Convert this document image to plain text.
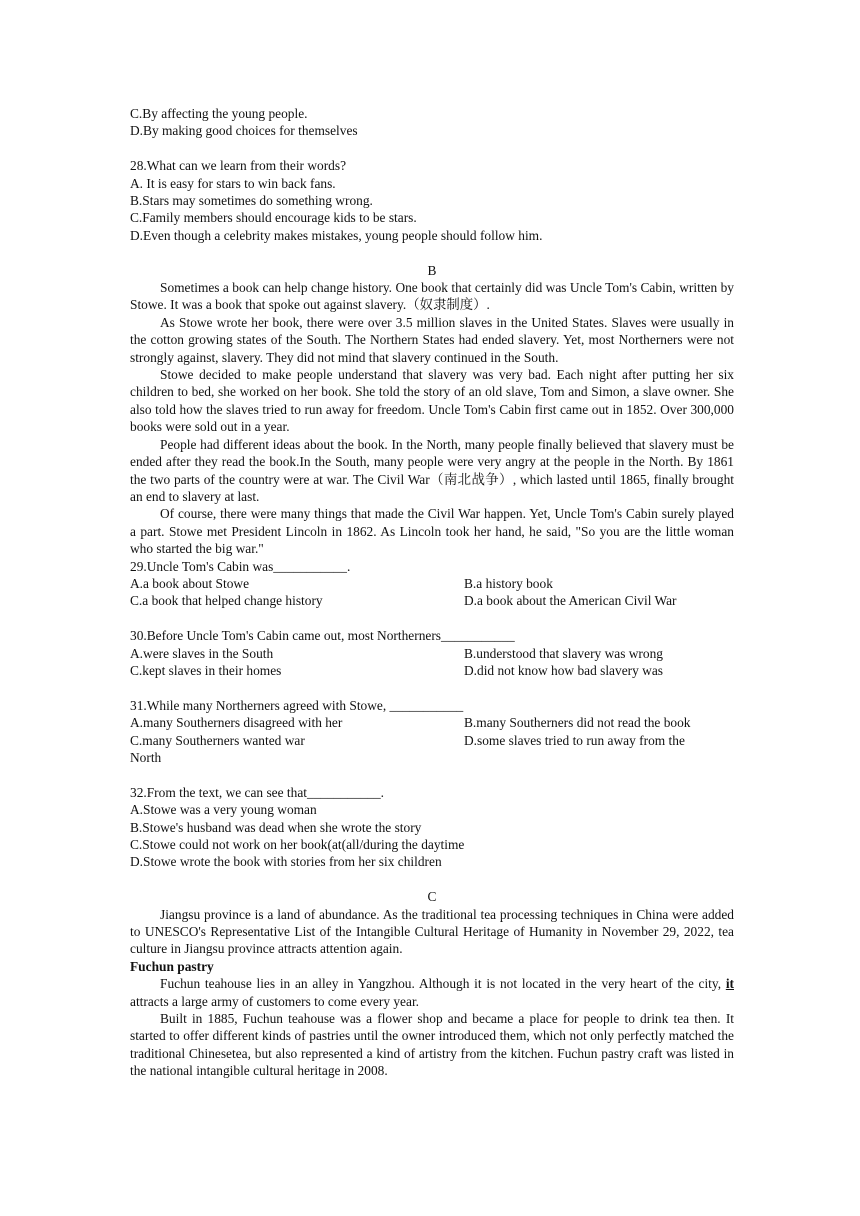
C.By affecting the young people.
D.By making good choices for themselves
28.What can we learn from their words?
A. It is easy for stars to win back fans.
B.Stars may sometimes do something wrong.
C.Family members should encourage kids to be stars.
D.Even though a celebrity makes mistakes, young people should follow him.
B

Sometimes a book can help change history. One book that certainly did was Uncle Tom's Cabin, written by Stowe. It was a book that spoke out against slavery.（奴隶制度）.

As Stowe wrote her book, there were over 3.5 million slaves in the United States. Slaves were usually in the cotton growing states of the South. The Northern States had ended slavery. Yet, most Northerners were not strongly against, slavery. They did not mind that slavery continued in the South.

Stowe decided to make people understand that slavery was very bad. Each night after putting her six children to bed, she worked on her book. She told the story of an old slave, Tom and Simon, a slave owner. She also told how the slaves tried to run away for freedom. Uncle Tom's Cabin first came out in 1852. Over 300,000 books were sold out in a year.

People had different ideas about the book. In the North, many people finally believed that slavery must be ended after they read the book.In the South, many people were very angry at the people in the North. By 1861 the two parts of the country were at war. The Civil War（南北战争）, which lasted until 1865, finally brought an end to slavery at last.

Of course, there were many things that made the Civil War happen. Yet, Uncle Tom's Cabin surely played a part. Stowe met President Lincoln in 1862. As Lincoln took her hand, he said, "So you are the little woman who started the big war."

29.Uncle Tom's Cabin was___________.
A.a book about Stowe	B.a history book
C.a book that helped change history	D.a book about the American Civil War
30.Before Uncle Tom's Cabin came out, most Northerners___________
A.were slaves in the South	B.understood that slavery was wrong
C.kept slaves in their homes	D.did not know how bad slavery was
31.While many Northerners agreed with Stowe, ___________
A.many Southerners disagreed with her	B.many Southerners did not read the book
C.many Southerners wanted war	D.some slaves tried to run away from the
North
32.From the text, we can see that___________.
A.Stowe was a very young woman
B.Stowe's husband was dead when she wrote the story
C.Stowe could not work on her book(at(all/during the daytime
D.Stowe wrote the book with stories from her six children
C

Jiangsu province is a land of abundance. As the traditional tea processing techniques in China were added to UNESCO's Representative List of the Intangible Cultural Heritage of Humanity in November 29, 2022, tea culture in Jiangsu province attracts attention again.

Fuchun pastry

Fuchun teahouse lies in an alley in Yangzhou. Although it is not located in the very heart of the city, it attracts a large army of customers to come every year.

Built in 1885, Fuchun teahouse was a flower shop and became a place for people to drink tea then. It started to offer different kinds of pastries until the owner introduced them, which not only perfectly matched the traditional Chinesetea, but also represented a kind of artistry from the kitchen. Fuchun pastry craft was listed in the national intangible cultural heritage in 2008.
